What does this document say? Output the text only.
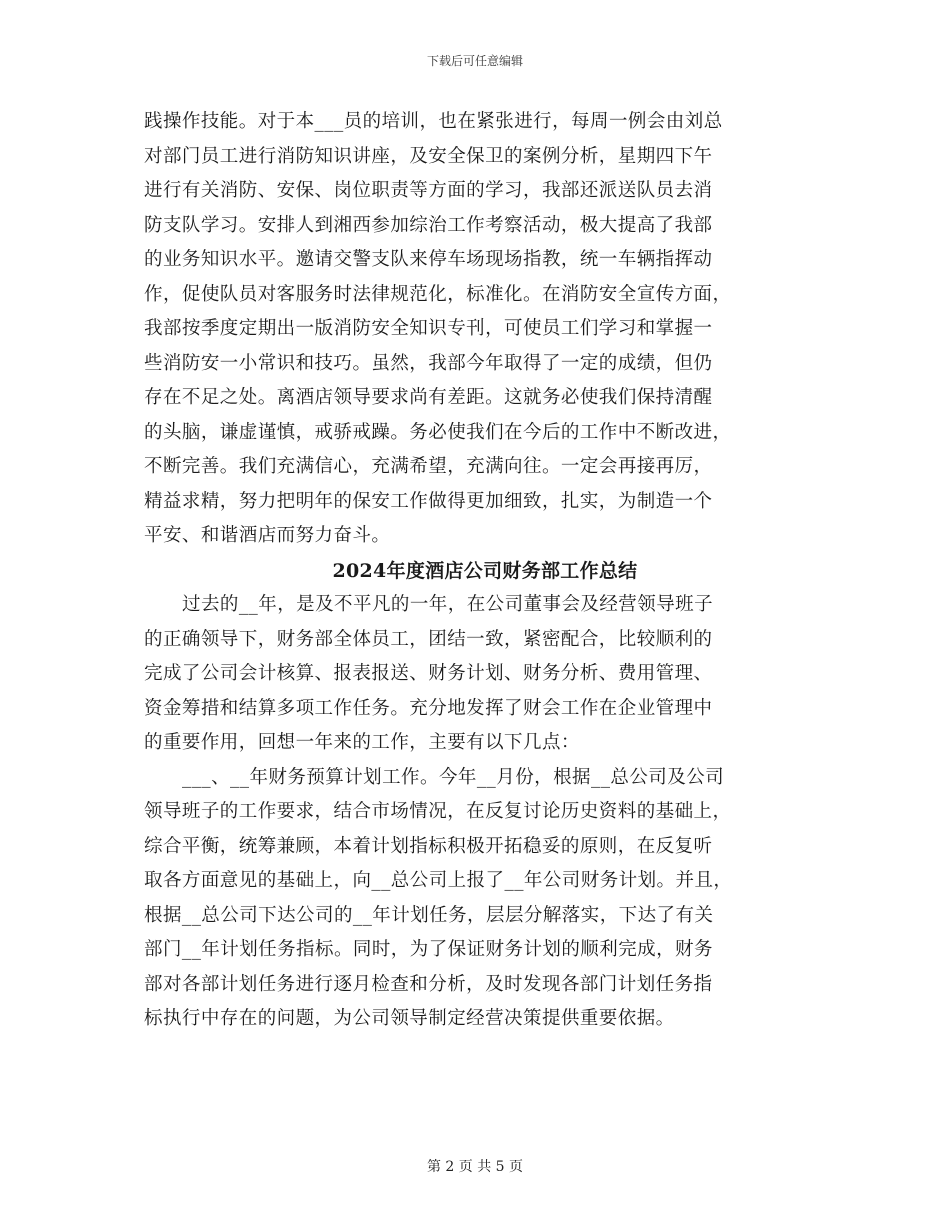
下载后可任意编辑
践操作技能。对于本___员的培训，也在紧张进行，每周一例会由刘总
对部门员工进行消防知识讲座，及安全保卫的案例分析，星期四下午
进行有关消防、安保、岗位职责等方面的学习，我部还派送队员去消
防支队学习。安排人到湘西参加综治工作考察活动，极大提高了我部
的业务知识水平。邀请交警支队来停车场现场指教，统一车辆指挥动
作，促使队员对客服务时法律规范化，标准化。在消防安全宣传方面，
我部按季度定期出一版消防安全知识专刊，可使员工们学习和掌握一
些消防安一小常识和技巧。虽然，我部今年取得了一定的成绩，但仍
存在不足之处。离酒店领导要求尚有差距。这就务必使我们保持清醒
的头脑，谦虚谨慎，戒骄戒躁。务必使我们在今后的工作中不断改进，
不断完善。我们充满信心，充满希望，充满向往。一定会再接再厉，
精益求精，努力把明年的保安工作做得更加细致，扎实，为制造一个
平安、和谐酒店而努力奋斗。
2024年度酒店公司财务部工作总结
过去的__年，是及不平凡的一年，在公司董事会及经营领导班子
的正确领导下，财务部全体员工，团结一致，紧密配合，比较顺利的
完成了公司会计核算、报表报送、财务计划、财务分析、费用管理、
资金筹措和结算多项工作任务。充分地发挥了财会工作在企业管理中
的重要作用，回想一年来的工作，主要有以下几点：
___、__年财务预算计划工作。今年__月份，根据__总公司及公司
领导班子的工作要求，结合市场情况，在反复讨论历史资料的基础上，
综合平衡，统筹兼顾，本着计划指标积极开拓稳妥的原则，在反复听
取各方面意见的基础上，向__总公司上报了__年公司财务计划。并且，
根据__总公司下达公司的__年计划任务，层层分解落实，下达了有关
部门__年计划任务指标。同时，为了保证财务计划的顺利完成，财务
部对各部计划任务进行逐月检查和分析，及时发现各部门计划任务指
标执行中存在的问题，为公司领导制定经营决策提供重要依据。
第 2 页 共 5 页
